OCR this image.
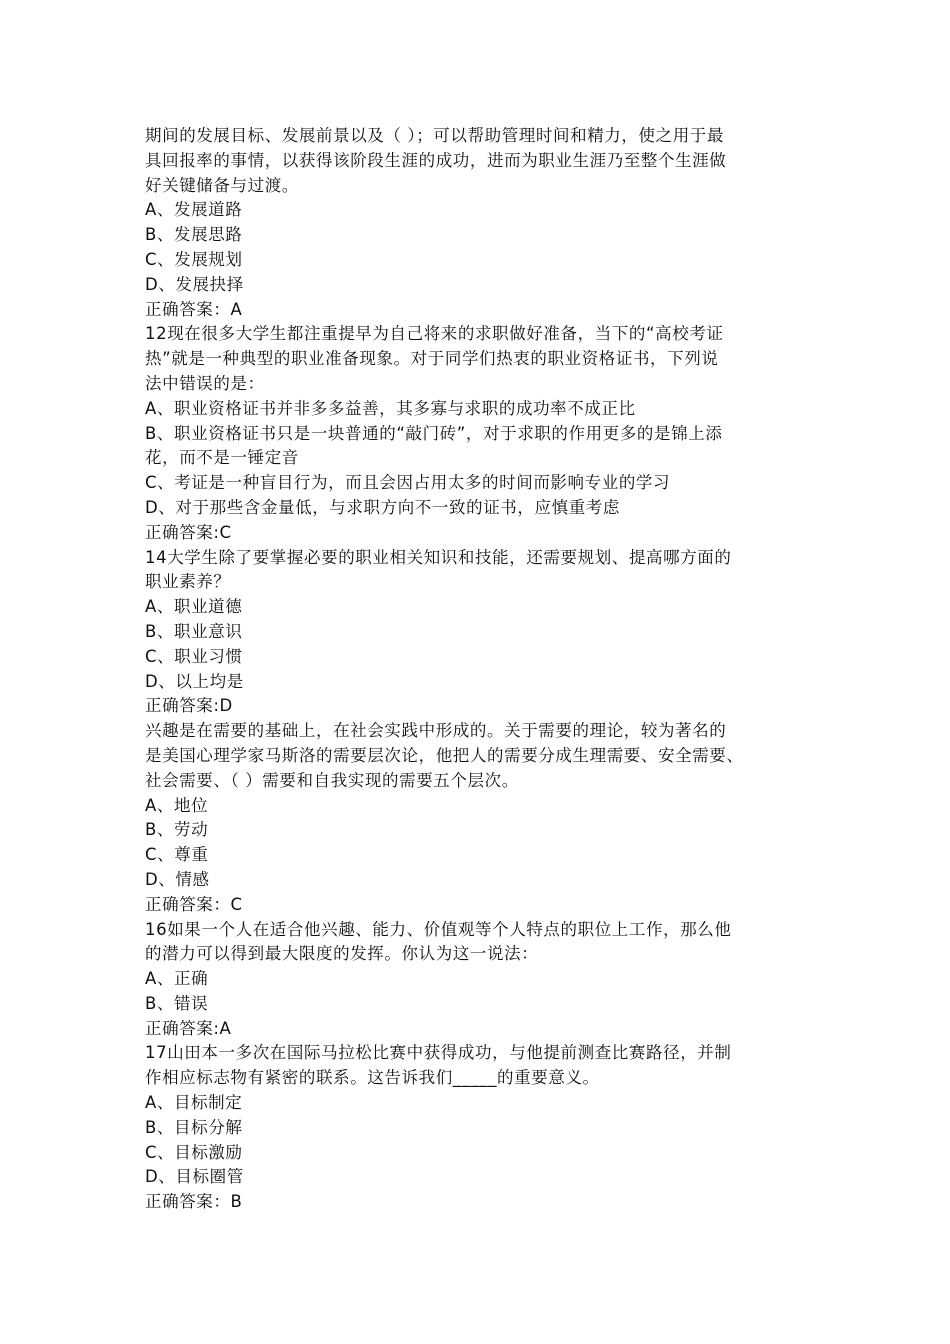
期间的发展目标、发展前景以及（ ）；可以帮助管理时间和精力，使之用于最
具回报率的事情，以获得该阶段生涯的成功，进而为职业生涯乃至整个生涯做
好关键储备与过渡。
A、发展道路
B、发展思路
C、发展规划
D、发展抉择
正确答案：A
12现在很多大学生都注重提早为自己将来的求职做好准备，当下的“高校考证
热”就是一种典型的职业准备现象。对于同学们热衷的职业资格证书，下列说
法中错误的是：
A、职业资格证书并非多多益善，其多寡与求职的成功率不成正比
B、职业资格证书只是一块普通的“敲门砖”，对于求职的作用更多的是锦上添
花，而不是一锤定音
C、考证是一种盲目行为，而且会因占用太多的时间而影响专业的学习
D、对于那些含金量低，与求职方向不一致的证书，应慎重考虑
正确答案:C
14大学生除了要掌握必要的职业相关知识和技能，还需要规划、提高哪方面的
职业素养？
A、职业道德
B、职业意识
C、职业习惯
D、以上均是
正确答案:D
兴趣是在需要的基础上，在社会实践中形成的。关于需要的理论，较为著名的
是美国心理学家马斯洛的需要层次论，他把人的需要分成生理需要、安全需要、
社会需要、（ ）需要和自我实现的需要五个层次。
A、地位
B、劳动
C、尊重
D、情感
正确答案：C
16如果一个人在适合他兴趣、能力、价值观等个人特点的职位上工作，那么他
的潜力可以得到最大限度的发挥。你认为这一说法：
A、正确
B、错误
正确答案:A
17山田本一多次在国际马拉松比赛中获得成功，与他提前测查比赛路径，并制
作相应标志物有紧密的联系。这告诉我们_____的重要意义。
A、目标制定
B、目标分解
C、目标激励
D、目标圈管
正确答案：B
